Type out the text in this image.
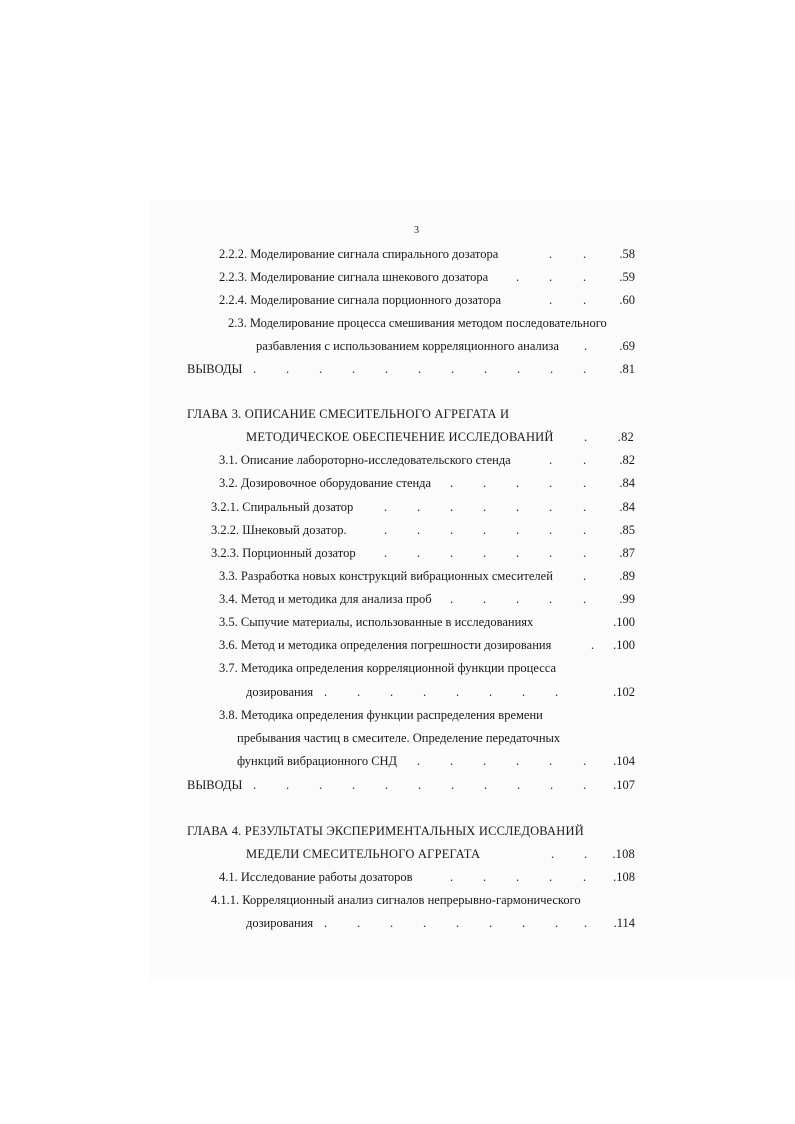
3
2.2.2. Моделирование сигнала спирального дозатора	. .	.58
2.2.3. Моделирование сигнала шнекового дозатора . . .	.59
2.2.4. Моделирование сигнала порционного дозатора	. .	.60
2.3. Моделирование процесса смешивания методом последовательного
разбавления с использованием корреляционного анализа .	.69
ВЫВОДЫ . . . . . . . . . . .	.81
ГЛАВА 3. ОПИСАНИЕ СМЕСИТЕЛЬНОГО АГРЕГАТА И
МЕТОДИЧЕСКОЕ ОБЕСПЕЧЕНИЕ ИССЛЕДОВАНИЙ .	.82
3.1. Описание лабороторно-исследовательского стенда	. .	.82
3.2. Дозировочное оборудование стенда . . . . .	.84
3.2.1. Спиральный дозатор . . . . . . .	.84
3.2.2. Шнековый дозатор.	. . . . . . .	.85
3.2.3. Порционный дозатор . . . . . . .	.87
3.3. Разработка новых конструкций вибрационных смесителей .	.89
3.4. Метод и методика для анализа проб . . . . .	.99
3.5. Сыпучие материалы, использованные в исследованиях	.100
3.6. Метод и методика определения погрешности дозирования	.	.100
3.7. Методика определения корреляционной функции процесса
дозирования . . . . . . . .	.102
3.8. Методика определения функции распределения времени
пребывания частиц в смесителе. Определение передаточных
функций вибрационного СНД . . . . . .	.104
ВЫВОДЫ . . . . . . . . . . .	.107
ГЛАВА 4. РЕЗУЛЬТАТЫ ЭКСПЕРИМЕНТАЛЬНЫХ ИССЛЕДОВАНИЙ
МЕДЕЛИ СМЕСИТЕЛЬНОГО АГРЕГАТА	. .	.108
4.1. Исследование работы дозаторов	. . . . .	.108
4.1.1. Корреляционный анализ сигналов непрерывно-гармонического
дозирования . . . . . . . . .	.114
